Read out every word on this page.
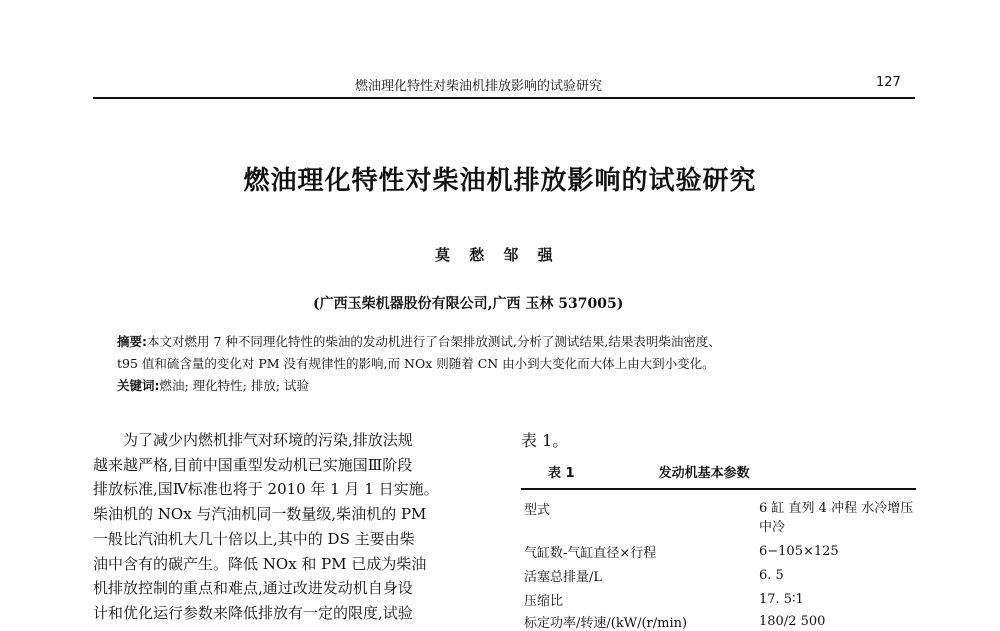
燃油理化特性对柴油机排放影响的试验研究	127
燃油理化特性对柴油机排放影响的试验研究
莫 愁 邹 强
(广西玉柴机器股份有限公司,广西 玉林 537005)

摘要:本文对燃用 7 种不同理化特性的柴油的发动机进行了台架排放测试,分析了测试结果,结果表明柴油密度、

t95 值和硫含量的变化对 PM 没有规律性的影响,而 NOx 则随着 CN 由小到大变化而大体上由大到小变化。

关键词:燃油; 理化特性; 排放; 试验

　　为了减少内燃机排气对环境的污染,排放法规

越来越严格,目前中国重型发动机已实施国Ⅲ阶段

排放标准,国Ⅳ标准也将于 2010 年 1 月 1 日实施。

柴油机的 NOx 与汽油机同一数量级,柴油机的 PM

一般比汽油机大几十倍以上,其中的 DS 主要由柴

油中含有的碳产生。降低 NOx 和 PM 已成为柴油

机排放控制的重点和难点,通过改进发动机自身设

计和优化运行参数来降低排放有一定的限度,试验

表 1。
表 1	发动机基本参数
型式	6 缸 直列 4 冲程 水冷增压中冷
气缸数-气缸直径×行程	6−105×125
活塞总排量/L	6. 5
压缩比	17. 5∶1
标定功率/转速/(kW/(r/min)	180/2 500
